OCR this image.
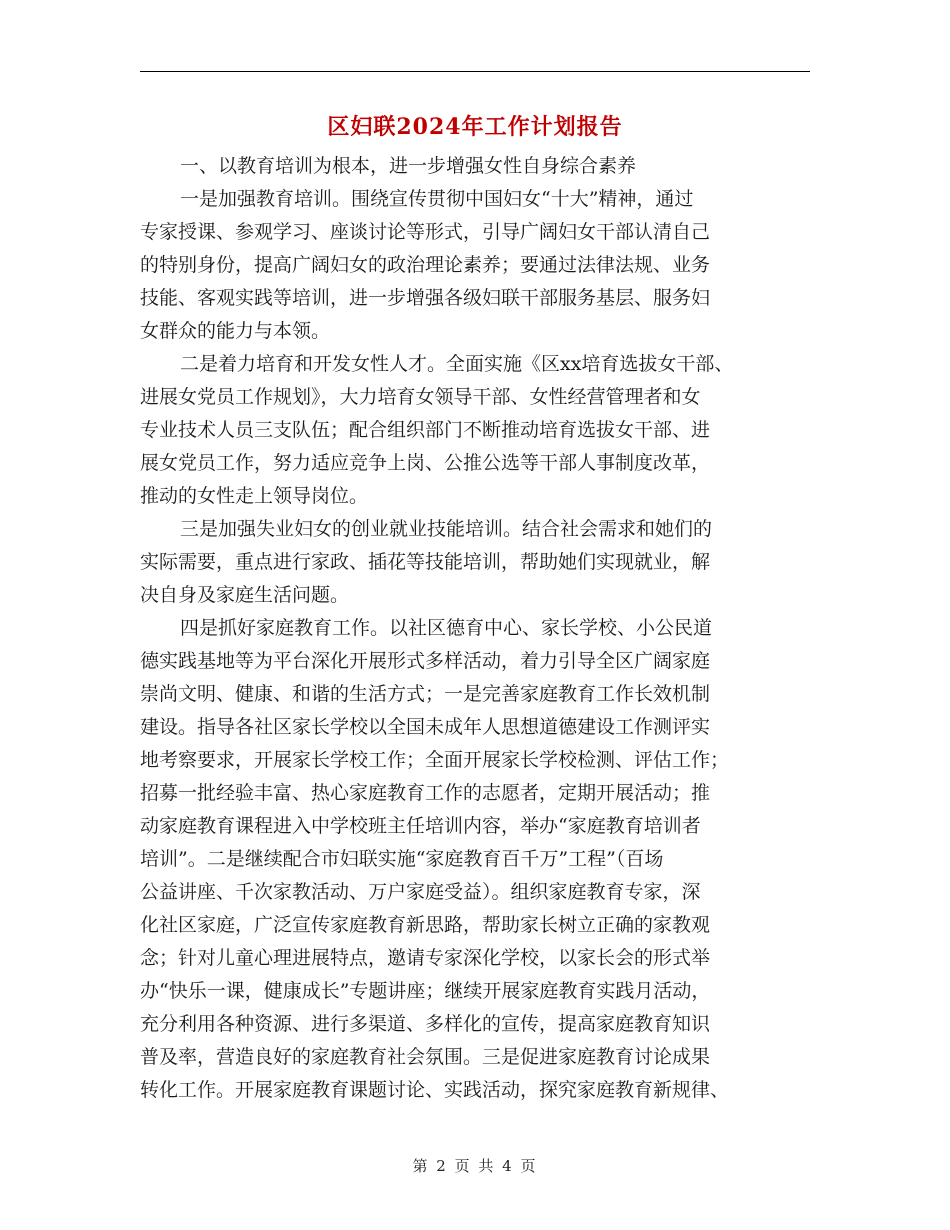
区妇联2024年工作计划报告

一、以教育培训为根本，进一步增强女性自身综合素养

一是加强教育培训。围绕宣传贯彻中国妇女“十大”精神，通过
专家授课、参观学习、座谈讨论等形式，引导广阔妇女干部认清自己
的特别身份，提高广阔妇女的政治理论素养；要通过法律法规、业务
技能、客观实践等培训，进一步增强各级妇联干部服务基层、服务妇
女群众的能力与本领。

二是着力培育和开发女性人才。全面实施《区xx培育选拔女干部、
进展女党员工作规划》，大力培育女领导干部、女性经营管理者和女
专业技术人员三支队伍；配合组织部门不断推动培育选拔女干部、进
展女党员工作，努力适应竞争上岗、公推公选等干部人事制度改革，
推动的女性走上领导岗位。

三是加强失业妇女的创业就业技能培训。结合社会需求和她们的
实际需要，重点进行家政、插花等技能培训，帮助她们实现就业，解
决自身及家庭生活问题。

四是抓好家庭教育工作。以社区德育中心、家长学校、小公民道
德实践基地等为平台深化开展形式多样活动，着力引导全区广阔家庭
崇尚文明、健康、和谐的生活方式；一是完善家庭教育工作长效机制
建设。指导各社区家长学校以全国未成年人思想道德建设工作测评实
地考察要求，开展家长学校工作；全面开展家长学校检测、评估工作；
招募一批经验丰富、热心家庭教育工作的志愿者，定期开展活动；推
动家庭教育课程进入中学校班主任培训内容，举办“家庭教育培训者
培训”。二是继续配合市妇联实施“家庭教育百千万”工程”（百场
公益讲座、千次家教活动、万户家庭受益）。组织家庭教育专家，深
化社区家庭，广泛宣传家庭教育新思路，帮助家长树立正确的家教观
念；针对儿童心理进展特点，邀请专家深化学校，以家长会的形式举
办“快乐一课，健康成长”专题讲座；继续开展家庭教育实践月活动，
充分利用各种资源、进行多渠道、多样化的宣传，提高家庭教育知识
普及率，营造良好的家庭教育社会氛围。三是促进家庭教育讨论成果
转化工作。开展家庭教育课题讨论、实践活动，探究家庭教育新规律、

第 2 页 共 4 页
